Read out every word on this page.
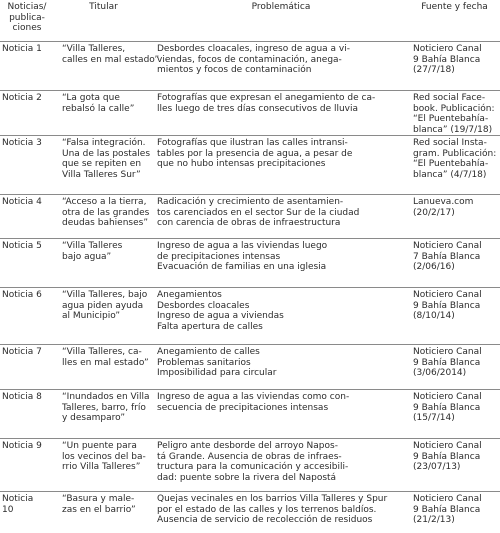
Noticias/
publica-
ciones	Titular	Problemática	Fuente y fecha

Noticia 1	“Villa Talleres,
calles en mal estado”	Desbordes cloacales, ingreso de agua a vi-
viendas, focos de contaminación, anega-
mientos y focos de contaminación	Noticiero Canal
9 Bahía Blanca
(27/7/18)

Noticia 2	“La gota que
rebalsó la calle”	Fotografías que expresan el anegamiento de ca-
lles luego de tres días consecutivos de lluvia	Red social Face-
book. Publicación:
“El Puentebahía-
blanca” (19/7/18)

Noticia 3	“Falsa integración.
Una de las postales
que se repiten en
Villa Talleres Sur”	Fotografías que ilustran las calles intransi-
tables por la presencia de agua, a pesar de
que no hubo intensas precipitaciones	Red social Insta-
gram. Publicación:
“El Puentebahía-
blanca” (4/7/18)

Noticia 4	“Acceso a la tierra,
otra de las grandes
deudas bahienses”	Radicación y crecimiento de asentamien-
tos carenciados en el sector Sur de la ciudad
con carencia de obras de infraestructura	Lanueva.com
(20/2/17)

Noticia 5	“Villa Talleres
bajo agua”	Ingreso de agua a las viviendas luego
de precipitaciones intensas
Evacuación de familias en una iglesia	Noticiero Canal
7 Bahía Blanca
(2/06/16)

Noticia 6	“Villa Talleres, bajo
agua piden ayuda
al Municipio”	Anegamientos
Desbordes cloacales
Ingreso de agua a viviendas
Falta apertura de calles	Noticiero Canal
9 Bahía Blanca
(8/10/14)

Noticia 7	“Villa Talleres, ca-
lles en mal estado”	Anegamiento de calles
Problemas sanitarios
Imposibilidad para circular	Noticiero Canal
9 Bahía Blanca
(3/06/2014)

Noticia 8	“Inundados en Villa
Talleres, barro, frío
y desamparo”	Ingreso de agua a las viviendas como con-
secuencia de precipitaciones intensas	Noticiero Canal
9 Bahía Blanca
(15/7/14)

Noticia 9	“Un puente para
los vecinos del ba-
rrio Villa Talleres”	Peligro ante desborde del arroyo Napos-
tá Grande. Ausencia de obras de infraes-
tructura para la comunicación y accesibili-
dad: puente sobre la rivera del Napostá	Noticiero Canal
9 Bahía Blanca
(23/07/13)

Noticia
10	“Basura y male-
zas en el barrio”	Quejas vecinales en los barrios Villa Talleres y Spur
por el estado de las calles y los terrenos baldíos.
Ausencia de servicio de recolección de residuos	Noticiero Canal
9 Bahía Blanca
(21/2/13)
